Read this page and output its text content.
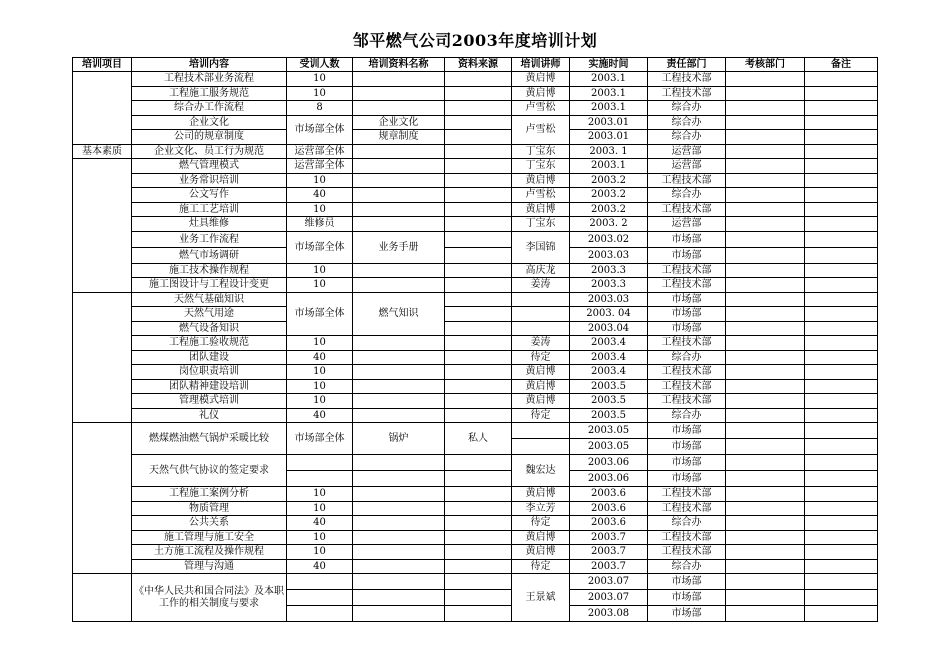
邹平燃气公司2003年度培训计划
培训项目	培训内容	受训人数	培训资料名称	资料来源	培训讲师	实施时间	责任部门	考核部门	备注
	工程技术部业务流程	10			黄启博	2003.1	工程技术部		
	工程施工服务规范	10			黄启博	2003.1	工程技术部		
	综合办工作流程	8			卢雪松	2003.1	综合办		
	企业文化	市场部全体	企业文化		卢雪松	2003.01	综合办		
	公司的规章制度		规章制度			2003.01	综合办		
基本素质	企业文化、员工行为规范	运营部全体			丁宝东	2003. 1	运营部		
	燃气管理模式	运营部全体			丁宝东	2003.1	运营部		
	业务常识培训	10			黄启博	2003.2	工程技术部		
	公文写作	40			卢雪松	2003.2	综合办		
	施工工艺培训	10			黄启博	2003.2	工程技术部		
	灶具维修	维修员			丁宝东	2003. 2	运营部		
	业务工作流程	市场部全体	业务手册		李国锦	2003.02	市场部		
	燃气市场调研					2003.03	市场部		
	施工技术操作规程	10			高庆龙	2003.3	工程技术部		
	施工图设计与工程设计变更	10			姜涛	2003.3	工程技术部		
	天然气基础知识	市场部全体	燃气知识			2003.03	市场部		
	天然气用途					2003. 04	市场部		
	燃气设备知识					2003.04	市场部		
	工程施工验收规范	10			姜涛	2003.4	工程技术部		
	团队建设	40			待定	2003.4	综合办		
	岗位职责培训	10			黄启博	2003.4	工程技术部		
	团队精神建设培训	10			黄启博	2003.5	工程技术部		
	管理模式培训	10			黄启博	2003.5	工程技术部		
	礼仪	40			待定	2003.5	综合办		
	燃煤燃油燃气锅炉采暖比较	市场部全体	锅炉	私人		2003.05	市场部		
						2003.05	市场部		
	天然气供气协议的签定要求				魏宏达	2003.06	市场部		
						2003.06	市场部		
	工程施工案例分析	10			黄启博	2003.6	工程技术部		
	物质管理	10			李立芳	2003.6	工程技术部		
	公共关系	40			待定	2003.6	综合办		
	施工管理与施工安全	10			黄启博	2003.7	工程技术部		
	土方施工流程及操作规程	10			黄启博	2003.7	工程技术部		
	管理与沟通	40			待定	2003.7	综合办		
	《中华人民共和国合同法》及本职工作的相关制度与要求				王景斌	2003.07	市场部		
						2003.07	市场部		
						2003.08	市场部		
